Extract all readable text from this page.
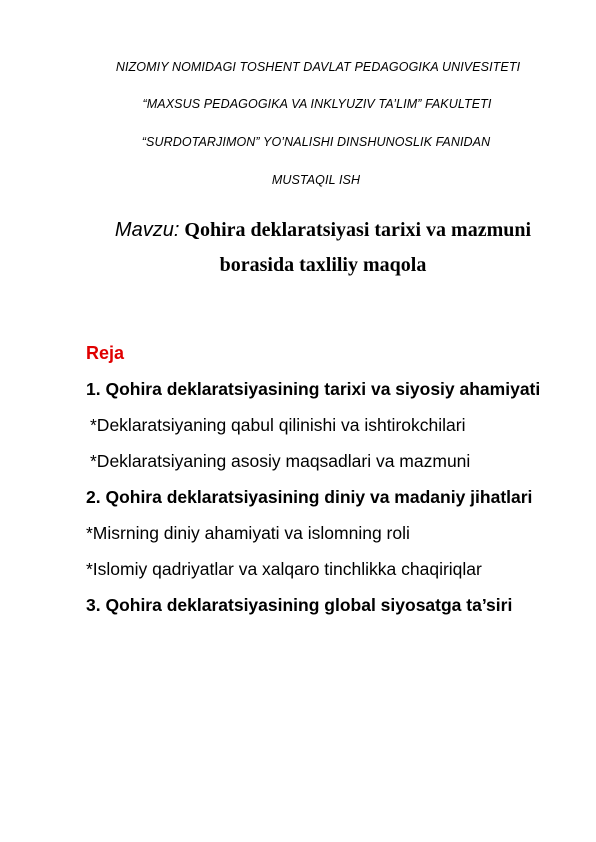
NIZOMIY NOMIDAGI TOSHENT DAVLAT PEDAGOGIKA UNIVESITETI
“MAXSUS PEDAGOGIKA VA INKLYUZIV TA’LIM” FAKULTETI
“SURDOTARJIMON” YO’NALISHI DINSHUNOSLIK FANIDAN
MUSTAQIL ISH
Mavzu: Qohira deklaratsiyasi tarixi va mazmuni borasida taxliliy maqola
Reja
1. Qohira deklaratsiyasining tarixi va siyosiy ahamiyati
*Deklaratsiyaning qabul qilinishi va ishtirokchilari
*Deklaratsiyaning asosiy maqsadlari va mazmuni
2. Qohira deklaratsiyasining diniy va madaniy jihatlari
*Misrning diniy ahamiyati va islomning roli
*Islomiy qadriyatlar va xalqaro tinchlikka chaqiriqlar
3. Qohira deklaratsiyasining global siyosatga ta’siri
